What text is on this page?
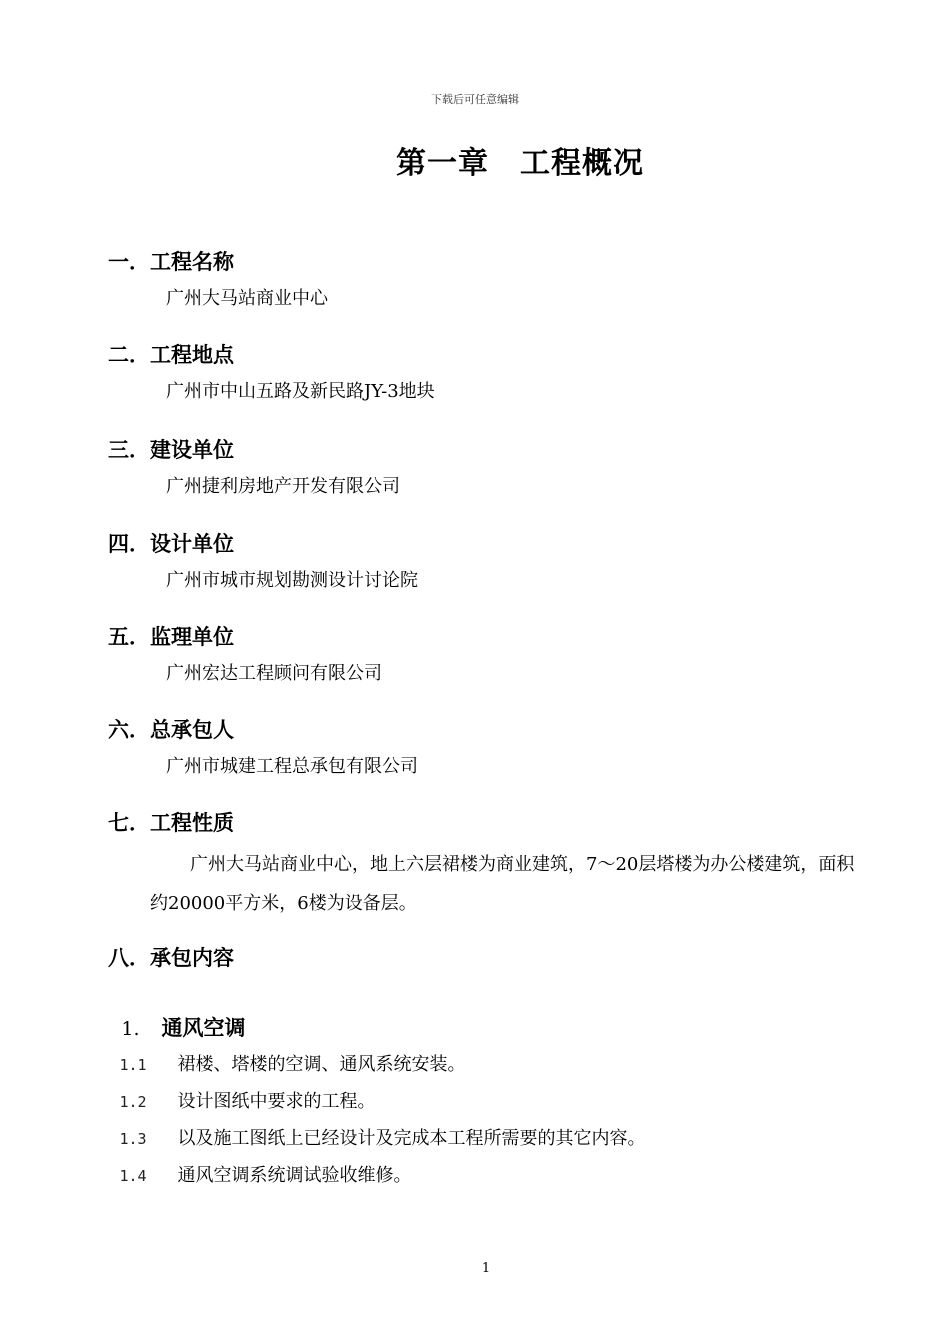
下载后可任意编辑
第一章　工程概况
一．工程名称
广州大马站商业中心
二．工程地点
广州市中山五路及新民路JY-3地块
三．建设单位
广州捷利房地产开发有限公司
四．设计单位
广州市城市规划勘测设计讨论院
五．监理单位
广州宏达工程顾问有限公司
六．总承包人
广州市城建工程总承包有限公司
七．工程性质
广州大马站商业中心，地上六层裙楼为商业建筑，7～20层塔楼为办公楼建筑，面积约20000平方米，6楼为设备层。
八．承包内容

1. 通风空调

1.1 裙楼、塔楼的空调、通风系统安装。

1.2 设计图纸中要求的工程。

1.3 以及施工图纸上已经设计及完成本工程所需要的其它内容。

1.4 通风空调系统调试验收维修。

1
